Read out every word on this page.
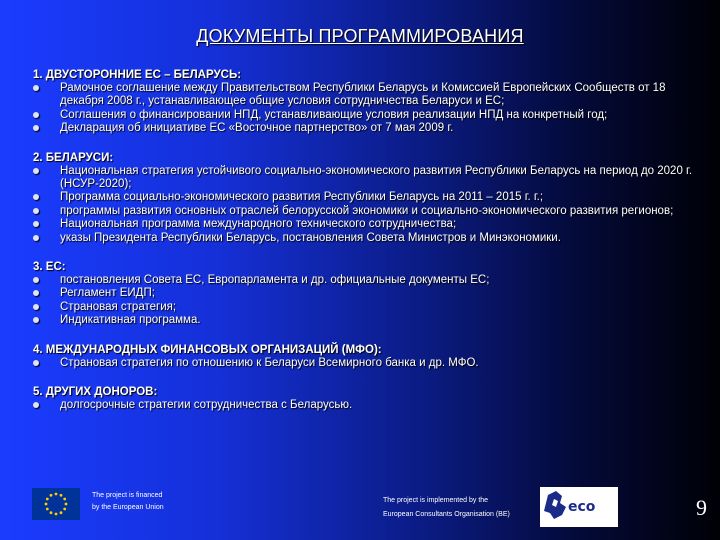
ДОКУМЕНТЫ ПРОГРАММИРОВАНИЯ
1. ДВУСТОРОННИЕ ЕС – БЕЛАРУСЬ:
Рамочное соглашение между Правительством Республики Беларусь и Комиссией Европейских Сообществ от 18 декабря 2008 г., устанавливающее общие условия сотрудничества Беларуси и ЕС;
Соглашения о финансировании НПД, устанавливающие условия реализации НПД на конкретный год;
Декларация об инициативе ЕС «Восточное партнерство» от 7 мая 2009 г.
2. БЕЛАРУСИ:
Национальная стратегия устойчивого социально-экономического развития Республики Беларусь на период до 2020 г. (НСУР-2020);
Программа социально-экономического развития Республики Беларусь на 2011 – 2015 г. г.;
программы развития основных отраслей белорусской экономики и социально-экономического развития регионов;
Национальная программа международного технического сотрудничества;
указы Президента Республики Беларусь, постановления Совета Министров и Минэкономики.
3. ЕС:
постановления Совета ЕС, Европарламента и др. официальные документы ЕС;
Регламент ЕИДП;
Страновая стратегия;
Индикативная программа.
4. МЕЖДУНАРОДНЫХ ФИНАНСОВЫХ ОРГАНИЗАЦИЙ (МФО):
Страновая стратегия по отношению к Беларуси Всемирного банка и др. МФО.
5. ДРУГИХ ДОНОРОВ:
долгосрочные стратегии сотрудничества с Беларусью.
The project is financed
by the European Union
The project is implemented by the
European Consultants Organisation (BE)	eco	9
